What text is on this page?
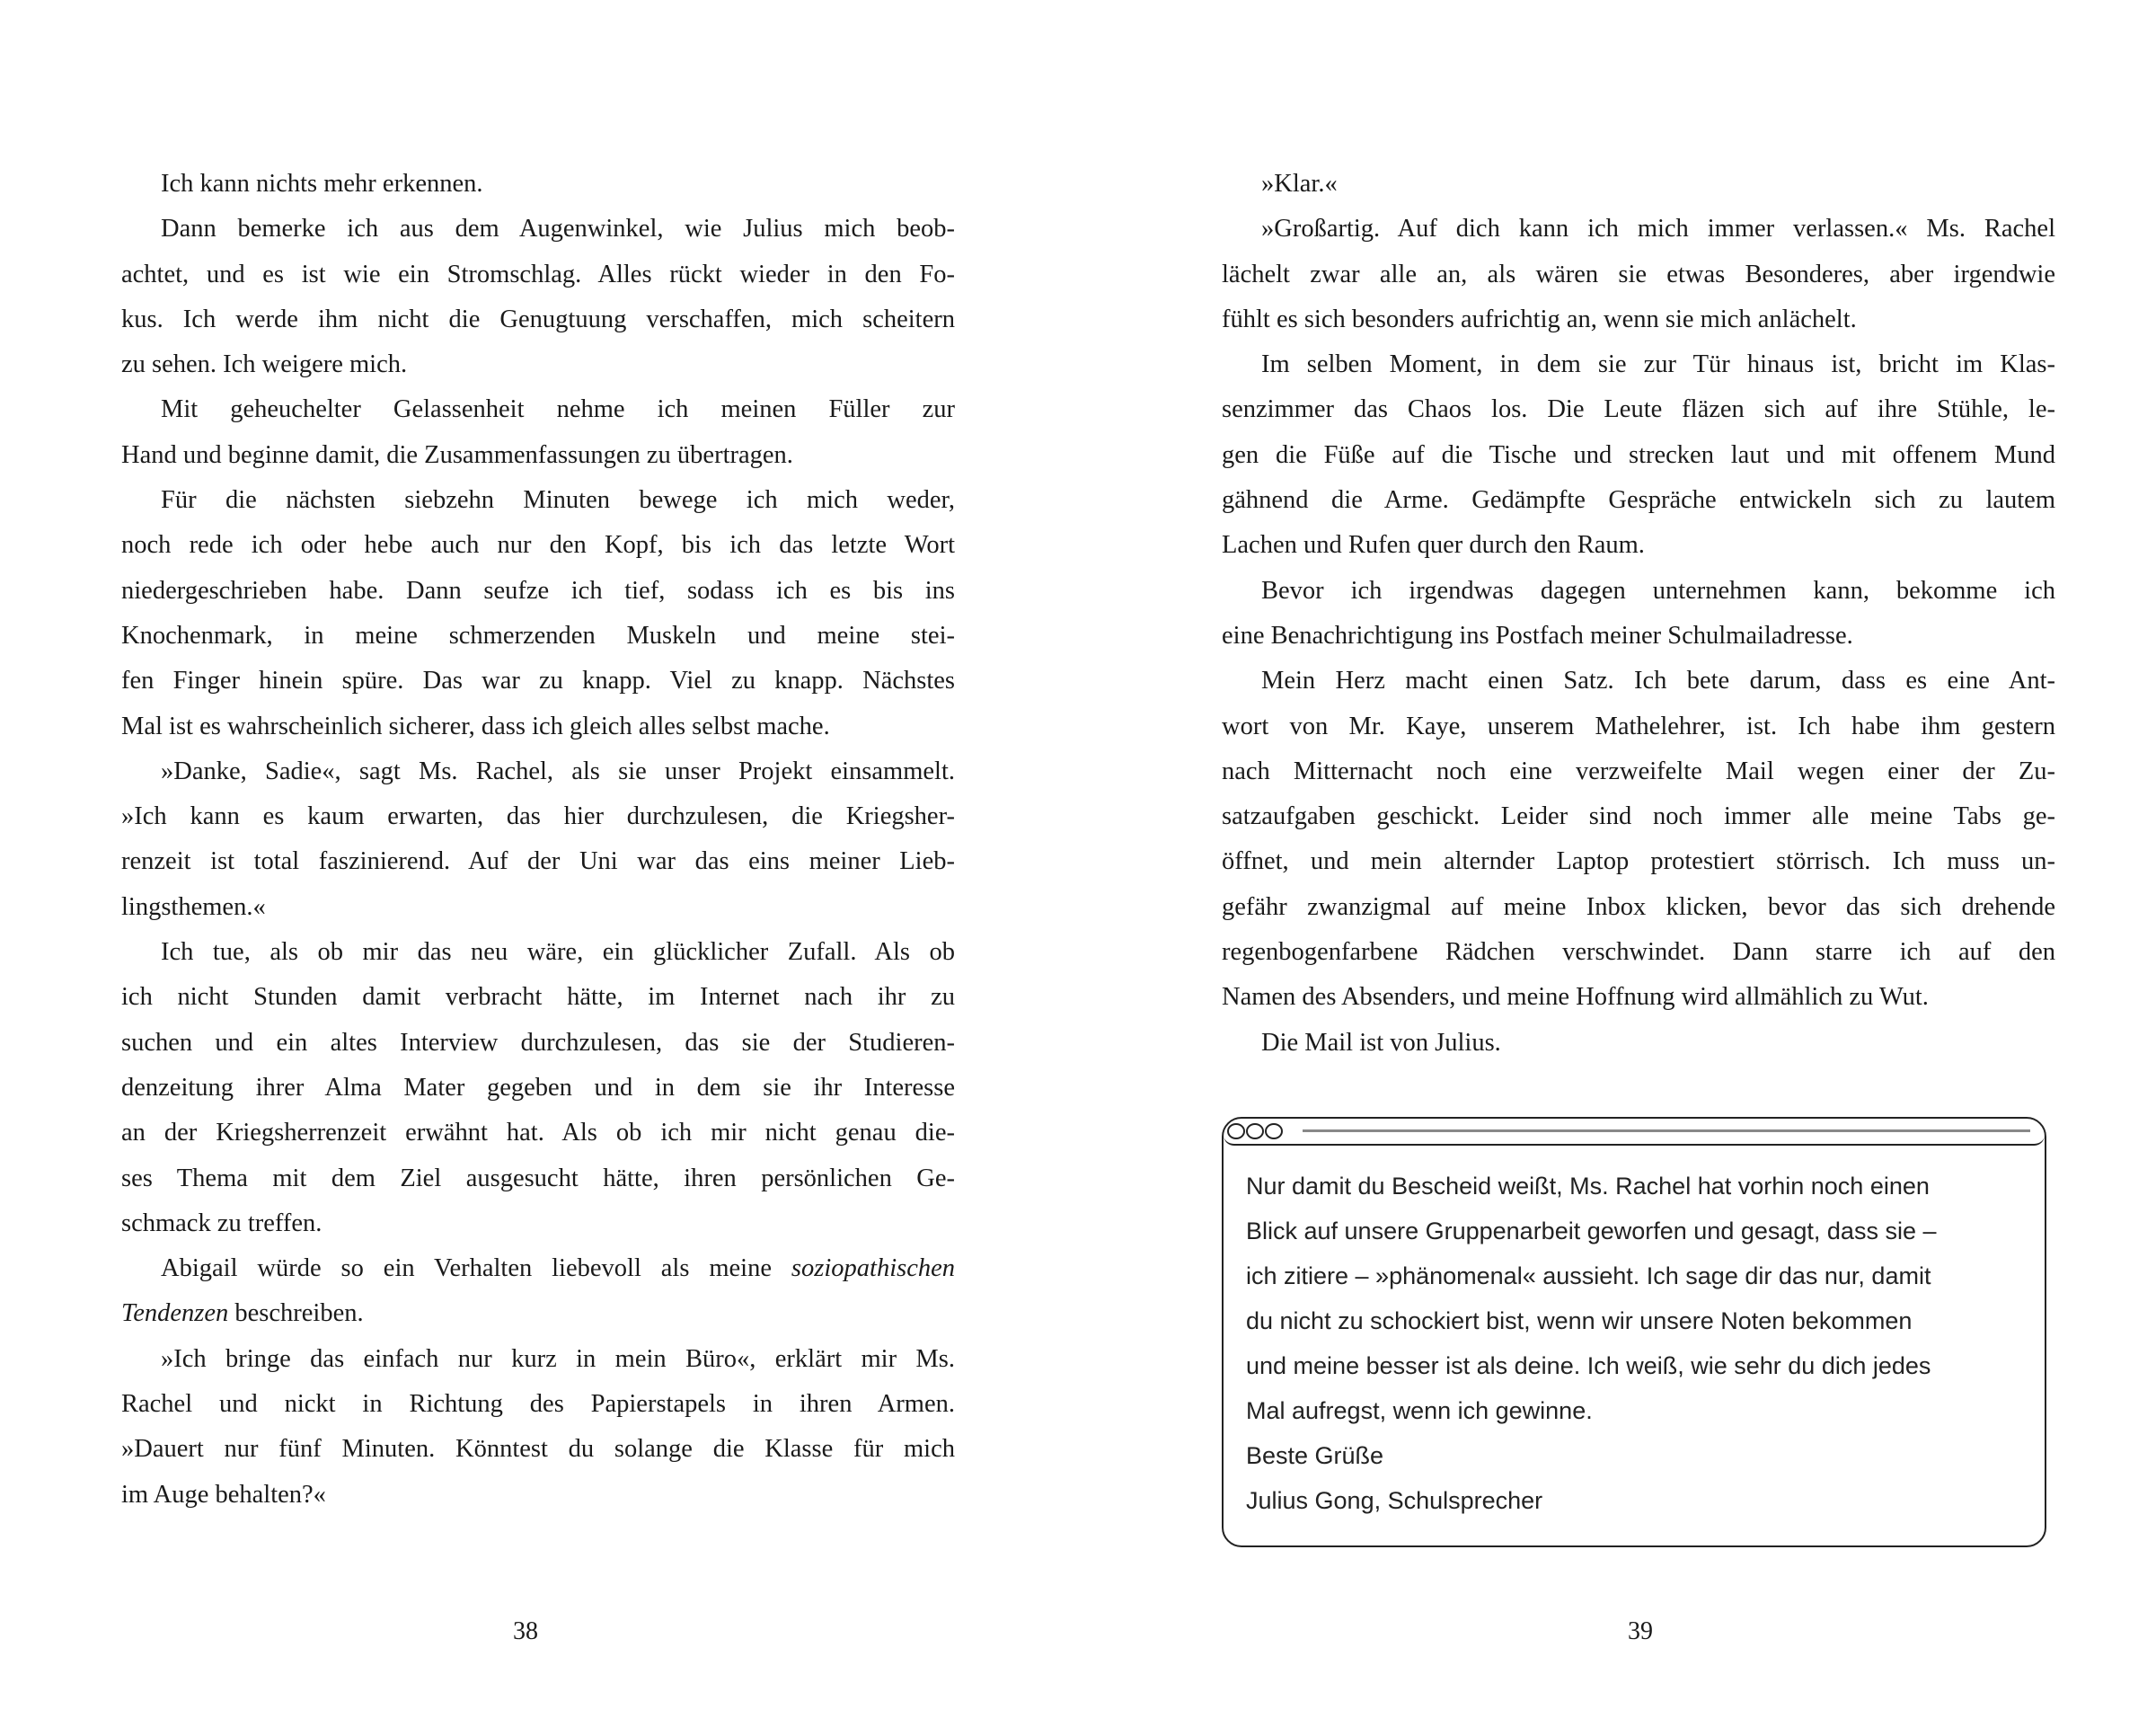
Ich kann nichts mehr erkennen.
Dann bemerke ich aus dem Augenwinkel, wie Julius mich beob-
achtet, und es ist wie ein Stromschlag. Alles rückt wieder in den Fo-
kus. Ich werde ihm nicht die Genugtuung verschaffen, mich scheitern
zu sehen. Ich weigere mich.
Mit geheuchelter Gelassenheit nehme ich meinen Füller zur
Hand und beginne damit, die Zusammenfassungen zu übertragen.
Für die nächsten siebzehn Minuten bewege ich mich weder,
noch rede ich oder hebe auch nur den Kopf, bis ich das letzte Wort
niedergeschrieben habe. Dann seufze ich tief, sodass ich es bis ins
Knochenmark, in meine schmerzenden Muskeln und meine stei-
fen Finger hinein spüre. Das war zu knapp. Viel zu knapp. Nächstes
Mal ist es wahrscheinlich sicherer, dass ich gleich alles selbst mache.
»Danke, Sadie«, sagt Ms. Rachel, als sie unser Projekt einsammelt.
»Ich kann es kaum erwarten, das hier durchzulesen, die Kriegsher-
renzeit ist total faszinierend. Auf der Uni war das eins meiner Lieb-
lingsthemen.«
Ich tue, als ob mir das neu wäre, ein glücklicher Zufall. Als ob
ich nicht Stunden damit verbracht hätte, im Internet nach ihr zu
suchen und ein altes Interview durchzulesen, das sie der Studieren-
denzeitung ihrer Alma Mater gegeben und in dem sie ihr Interesse
an der Kriegsherrenzeit erwähnt hat. Als ob ich mir nicht genau die-
ses Thema mit dem Ziel ausgesucht hätte, ihren persönlichen Ge-
schmack zu treffen.
Abigail würde so ein Verhalten liebevoll als meine soziopathischen
Tendenzen beschreiben.
»Ich bringe das einfach nur kurz in mein Büro«, erklärt mir Ms.
Rachel und nickt in Richtung des Papierstapels in ihren Armen.
»Dauert nur fünf Minuten. Könntest du solange die Klasse für mich
im Auge behalten?«
»Klar.«
»Großartig. Auf dich kann ich mich immer verlassen.« Ms. Rachel
lächelt zwar alle an, als wären sie etwas Besonderes, aber irgendwie
fühlt es sich besonders aufrichtig an, wenn sie mich anlächelt.
Im selben Moment, in dem sie zur Tür hinaus ist, bricht im Klas-
senzimmer das Chaos los. Die Leute fläzen sich auf ihre Stühle, le-
gen die Füße auf die Tische und strecken laut und mit offenem Mund
gähnend die Arme. Gedämpfte Gespräche entwickeln sich zu lautem
Lachen und Rufen quer durch den Raum.
Bevor ich irgendwas dagegen unternehmen kann, bekomme ich
eine Benachrichtigung ins Postfach meiner Schulmailadresse.
Mein Herz macht einen Satz. Ich bete darum, dass es eine Ant-
wort von Mr. Kaye, unserem Mathelehrer, ist. Ich habe ihm gestern
nach Mitternacht noch eine verzweifelte Mail wegen einer der Zu-
satzaufgaben geschickt. Leider sind noch immer alle meine Tabs ge-
öffnet, und mein alternder Laptop protestiert störrisch. Ich muss un-
gefähr zwanzigmal auf meine Inbox klicken, bevor das sich drehende
regenbogenfarbene Rädchen verschwindet. Dann starre ich auf den
Namen des Absenders, und meine Hoffnung wird allmählich zu Wut.
Die Mail ist von Julius.
Nur damit du Bescheid weißt, Ms. Rachel hat vorhin noch einen
Blick auf unsere Gruppenarbeit geworfen und gesagt, dass sie –
ich zitiere – »phänomenal« aussieht. Ich sage dir das nur, damit
du nicht zu schockiert bist, wenn wir unsere Noten bekommen
und meine besser ist als deine. Ich weiß, wie sehr du dich jedes
Mal aufregst, wenn ich gewinne.
Beste Grüße
Julius Gong, Schulsprecher
38	39
